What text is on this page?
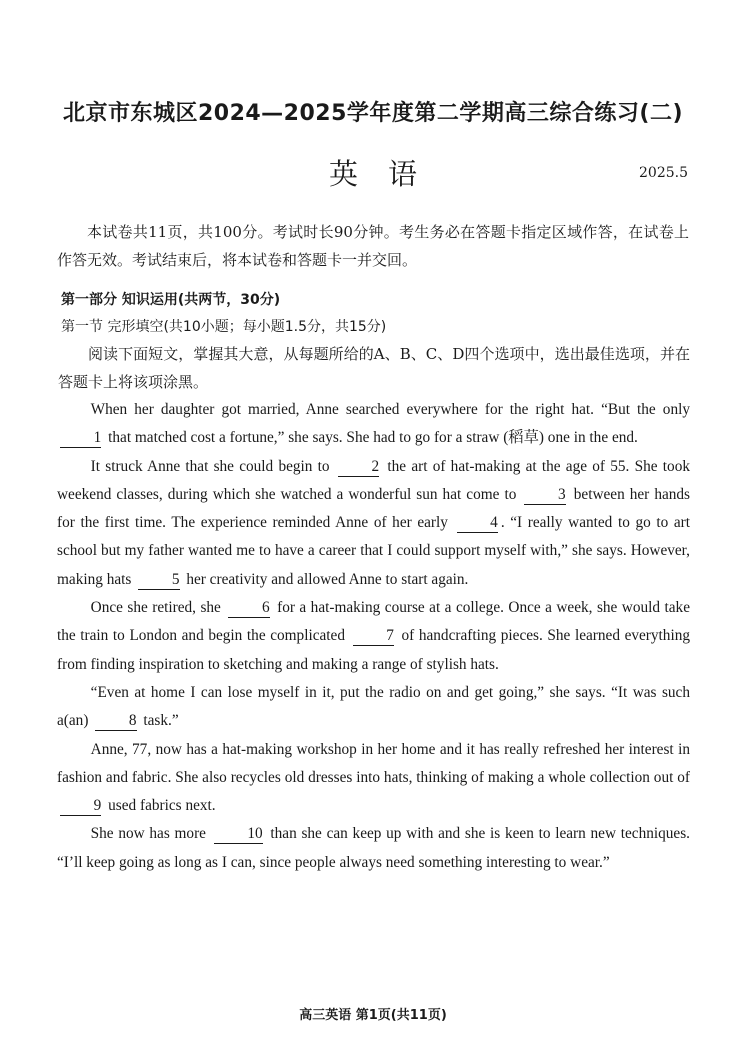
北京市东城区2024—2025学年度第二学期高三综合练习(二)
英语	2025.5
本试卷共11页，共100分。考试时长90分钟。考生务必在答题卡指定区域作答，在试卷上作答无效。考试结束后，将本试卷和答题卡一并交回。
第一部分 知识运用(共两节，30分)
第一节 完形填空(共10小题；每小题1.5分，共15分)
阅读下面短文，掌握其大意，从每题所给的A、B、C、D四个选项中，选出最佳选项，并在答题卡上将该项涂黑。

When her daughter got married, Anne searched everywhere for the right hat. “But the only 1 that matched cost a fortune,” she says. She had to go for a straw (稻草) one in the end.

It struck Anne that she could begin to	2 the art of hat-making at the age of 55. She took weekend classes, during which she watched a wonderful sun hat come to	3 between her hands for the first time. The experience reminded Anne of her early	4 . “I really wanted to go to art school but my father wanted me to have a career that I could support myself with,” she says. However, making hats	5 her creativity and allowed Anne to start again.

Once she retired, she	6 for a hat-making course at a college. Once a week, she would take the train to London and begin the complicated	7 of handcrafting pieces. She learned everything from finding inspiration to sketching and making a range of stylish hats.

“Even at home I can lose myself in it, put the radio on and get going,” she says. “It was such a(an)	8 task.”

Anne, 77, now has a hat-making workshop in her home and it has really refreshed her interest in fashion and fabric. She also recycles old dresses into hats, thinking of making a whole collection out of 9 used fabrics next.

She now has more	10 than she can keep up with and she is keen to learn new techniques. “I’ll keep going as long as I can, since people always need something interesting to wear.”

高三英语 第1页(共11页)
